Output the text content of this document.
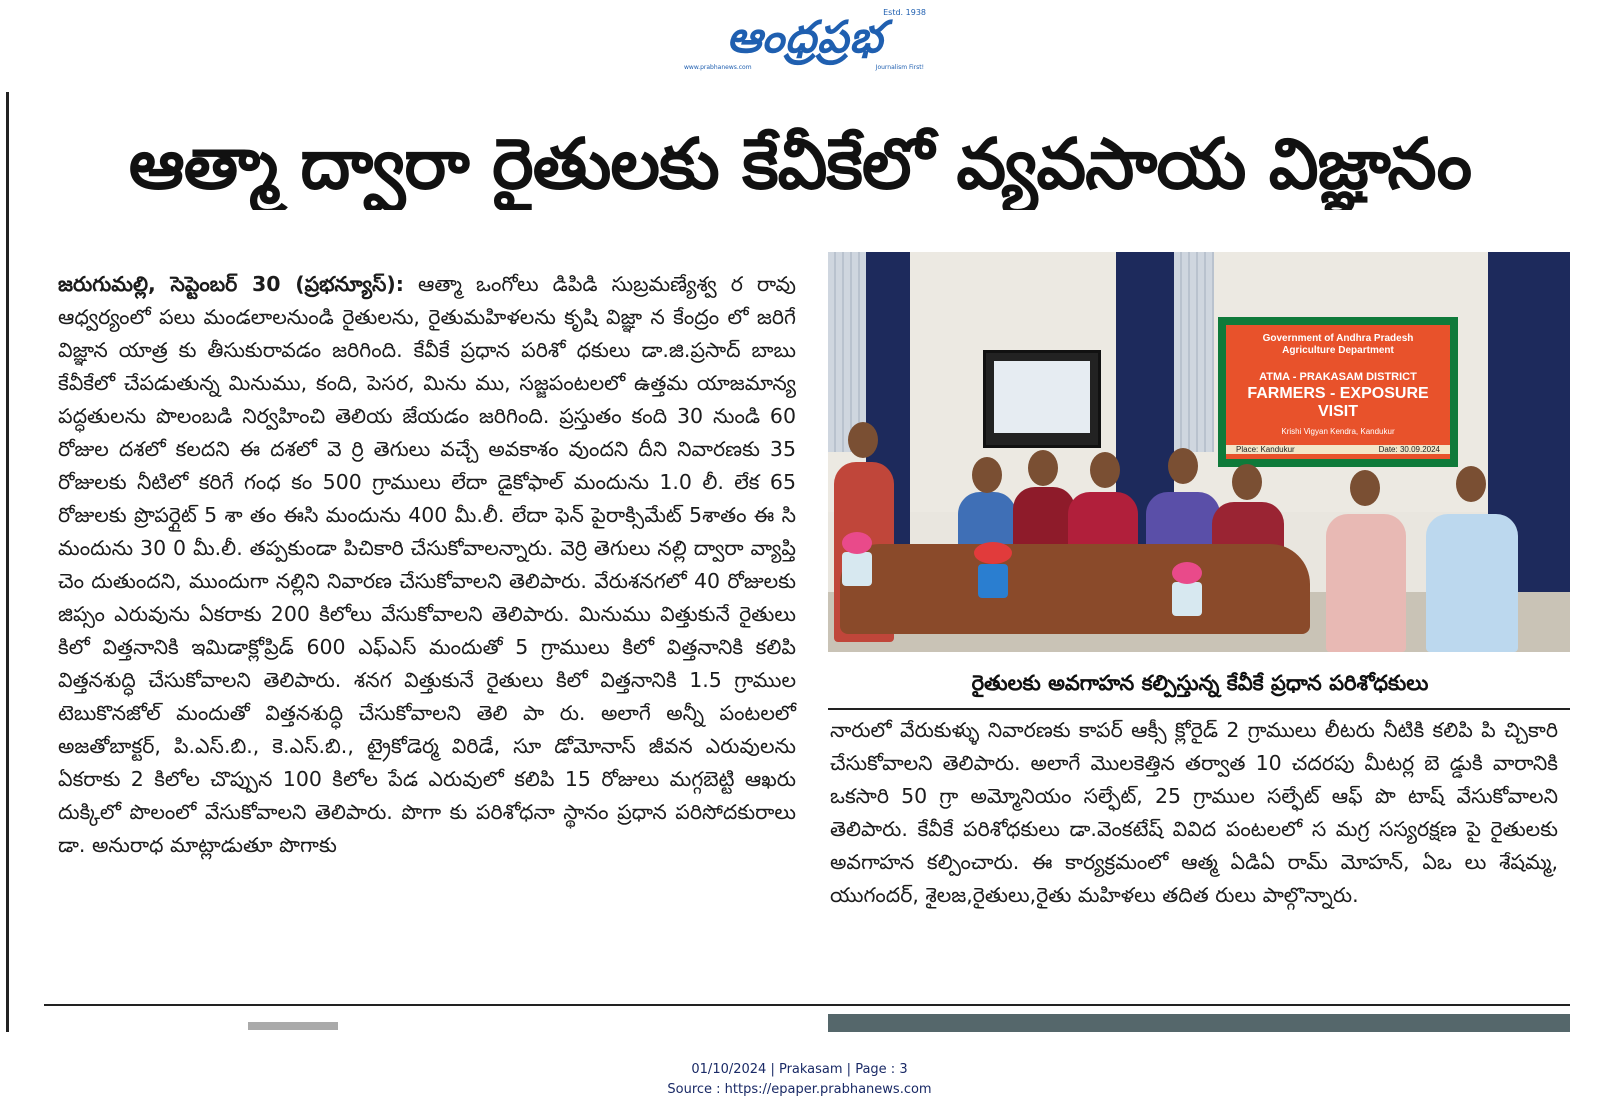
ఆంధ్రప్రభ Estd. 1938
www.prabhanews.com	Journalism First!
ఆత్మా ద్వారా రైతులకు కేవీకేలో వ్యవసాయ విజ్ఞానం
జరుగుమల్లి, సెప్టెంబర్ 30 (ప్రభన్యూస్): ఆత్మా ఒంగోలు డిపిడి సుబ్రమణ్యేశ్వ ర రావు ఆధ్వర్యంలో పలు మండలాలనుండి రైతులను, రైతుమహిళలను కృషి విజ్ఞా న కేంద్రం లో జరిగే విజ్ఞాన యాత్ర కు తీసుకురావడం జరిగింది. కేవీకే ప్రధాన పరిశో ధకులు డా.జి.ప్రసాద్ బాబు కేవీకేలో చేపడుతున్న మినుము, కంది, పెసర, మిను ము, సజ్జపంటలలో ఉత్తమ యాజమాన్య పద్ధతులను పొలంబడి నిర్వహించి తెలియ జేయడం జరిగింది. ప్రస్తుతం కంది 30 నుండి 60 రోజుల దశలో కలదని ఈ దశలో వె ర్రి తెగులు వచ్చే అవకాశం వుందని దీని నివారణకు 35 రోజులకు నీటిలో కరిగే గంధ కం 500 గ్రాములు లేదా డైకోఫాల్ మందును 1.0 లీ. లేక 65 రోజులకు ప్రొపర్గైట్ 5 శా తం ఈసి మందును 400 మీ.లీ. లేదా ఫెన్ పైరాక్సిమేట్ 5శాతం ఈ సి మందును 30 0 మీ.లీ. తప్పకుండా పిచికారి చేసుకోవాలన్నారు. వెర్రి తెగులు నల్లి ద్వారా వ్యాప్తి చెం దుతుందని, ముందుగా నల్లిని నివారణ చేసుకోవాలని తెలిపారు. వేరుశనగలో 40 రోజులకు జిప్సం ఎరువును ఏకరాకు 200 కిలోలు వేసుకోవాలని తెలిపారు. మినుము విత్తుకునే రైతులు కిలో విత్తనానికి ఇమిడాక్లోప్రిడ్ 600 ఎఫ్ఎస్ మందుతో 5 గ్రాములు కిలో విత్తనానికి కలిపి విత్తనశుద్ధి చేసుకోవాలని తెలిపారు. శనగ విత్తుకునే రైతులు కిలో విత్తనానికి 1.5 గ్రాముల టెబుకొనజోల్ మందుతో విత్తనశుద్ధి చేసుకోవాలని తెలి పా రు. అలాగే అన్నీ పంటలలో అజతోబాక్టర్, పి.ఎస్.బి., కె.ఎస్.బి., ట్రైకోడెర్మ విరిడే, సూ డోమోనాస్ జీవన ఎరువులను ఏకరాకు 2 కిలోల చొప్పున 100 కిలోల పేడ ఎరువులో కలిపి 15 రోజులు మగ్గబెట్టి ఆఖరు దుక్కిలో పొలంలో వేసుకోవాలని తెలిపారు. పొగా కు పరిశోధనా స్థానం ప్రధాన పరిసోదకురాలు డా. అనురాధ మాట్లాడుతూ పొగాకు
Government of Andhra Pradesh
Agriculture Department
ATMA - PRAKASAM DISTRICT
FARMERS - EXPOSURE VISIT
Krishi Vigyan Kendra, Kandukur
Place: Kandukur	Date: 30.09.2024
రైతులకు అవగాహన కల్పిస్తున్న కేవీకే ప్రధాన పరిశోధకులు
నారులో వేరుకుళ్ళు నివారణకు కాపర్ ఆక్సీ క్లోరైడ్ 2 గ్రాములు లీటరు నీటికి కలిపి పి చ్చికారి చేసుకోవాలని తెలిపారు. అలాగే మొలకెత్తిన తర్వాత 10 చదరపు మీటర్ల బె డ్డుకి వారానికి ఒకసారి 50 గ్రా అమ్మోనియం సల్ఫేట్, 25 గ్రాముల సల్ఫేట్ ఆఫ్ పొ టాష్ వేసుకోవాలని తెలిపారు. కేవీకే పరిశోధకులు డా.వెంకటేష్ వివిద పంటలలో స మగ్ర సస్యరక్షణ పై రైతులకు అవగాహన కల్పించారు. ఈ కార్యక్రమంలో ఆత్మ ఏడిఏ రామ్ మోహన్, ఏఒ లు శేషమ్మ, యుగందర్, శైలజ,రైతులు,రైతు మహిళలు తదిత రులు పాల్గొన్నారు.
01/10/2024 | Prakasam | Page : 3
Source : https://epaper.prabhanews.com
